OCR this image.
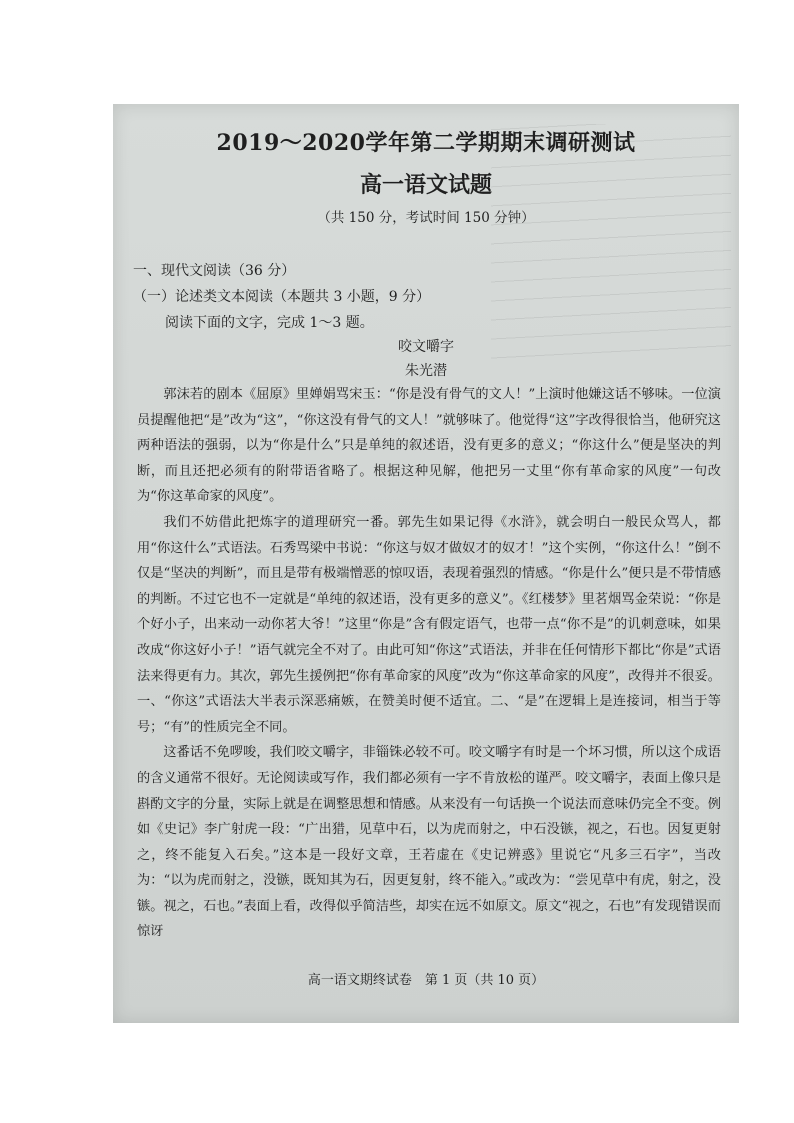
2019～2020学年第二学期期末调研测试
高一语文试题
（共 150 分，考试时间 150 分钟）
一、现代文阅读（36 分）
（一）论述类文本阅读（本题共 3 小题，9 分）
阅读下面的文字，完成 1～3 题。
咬文嚼字
朱光潜

郭沫若的剧本《屈原》里婵娟骂宋玉：“你是没有骨气的文人！”上演时他嫌这话不够味。一位演员提醒他把“是”改为“这”，“你这没有骨气的文人！”就够味了。他觉得“这”字改得很恰当，他研究这两种语法的强弱，以为“你是什么”只是单纯的叙述语，没有更多的意义；“你这什么”便是坚决的判断，而且还把必须有的附带语省略了。根据这种见解，他把另一丈里“你有革命家的风度”一句改为“你这革命家的风度”。

我们不妨借此把炼字的道理研究一番。郭先生如果记得《水浒》，就会明白一般民众骂人，都用“你这什么”式语法。石秀骂梁中书说：“你这与奴才做奴才的奴才！”这个实例，“你这什么！”倒不仅是“坚决的判断”，而且是带有极端憎恶的惊叹语，表现着强烈的情感。“你是什么”便只是不带情感的判断。不过它也不一定就是“单纯的叙述语，没有更多的意义”。《红楼梦》里茗烟骂金荣说：“你是个好小子，出来动一动你茗大爷！”这里“你是”含有假定语气，也带一点“你不是”的讥刺意味，如果改成“你这好小子！”语气就完全不对了。由此可知“你这”式语法，并非在任何情形下都比“你是”式语法来得更有力。其次，郭先生援例把“你有革命家的风度”改为“你这革命家的风度”，改得并不很妥。一、“你这”式语法大半表示深恶痛嫉，在赞美时便不适宜。二、“是”在逻辑上是连接词，相当于等号；“有”的性质完全不同。

这番话不免啰唆，我们咬文嚼字，非锱铢必较不可。咬文嚼字有时是一个坏习惯，所以这个成语的含义通常不很好。无论阅读或写作，我们都必须有一字不肯放松的谨严。咬文嚼字，表面上像只是斟酌文字的分量，实际上就是在调整思想和情感。从来没有一句话换一个说法而意味仍完全不变。例如《史记》李广射虎一段：“广出猎，见草中石，以为虎而射之，中石没镞，视之，石也。因复更射之，终不能复入石矣。”这本是一段好文章，王若虚在《史记辨惑》里说它“凡多三石字”，当改为：“以为虎而射之，没镞，既知其为石，因更复射，终不能入。”或改为：“尝见草中有虎，射之，没镞。视之，石也。”表面上看，改得似乎简洁些，却实在远不如原文。原文“视之，石也”有发现错误而惊讶

高一语文期终试卷　第 1 页（共 10 页）
